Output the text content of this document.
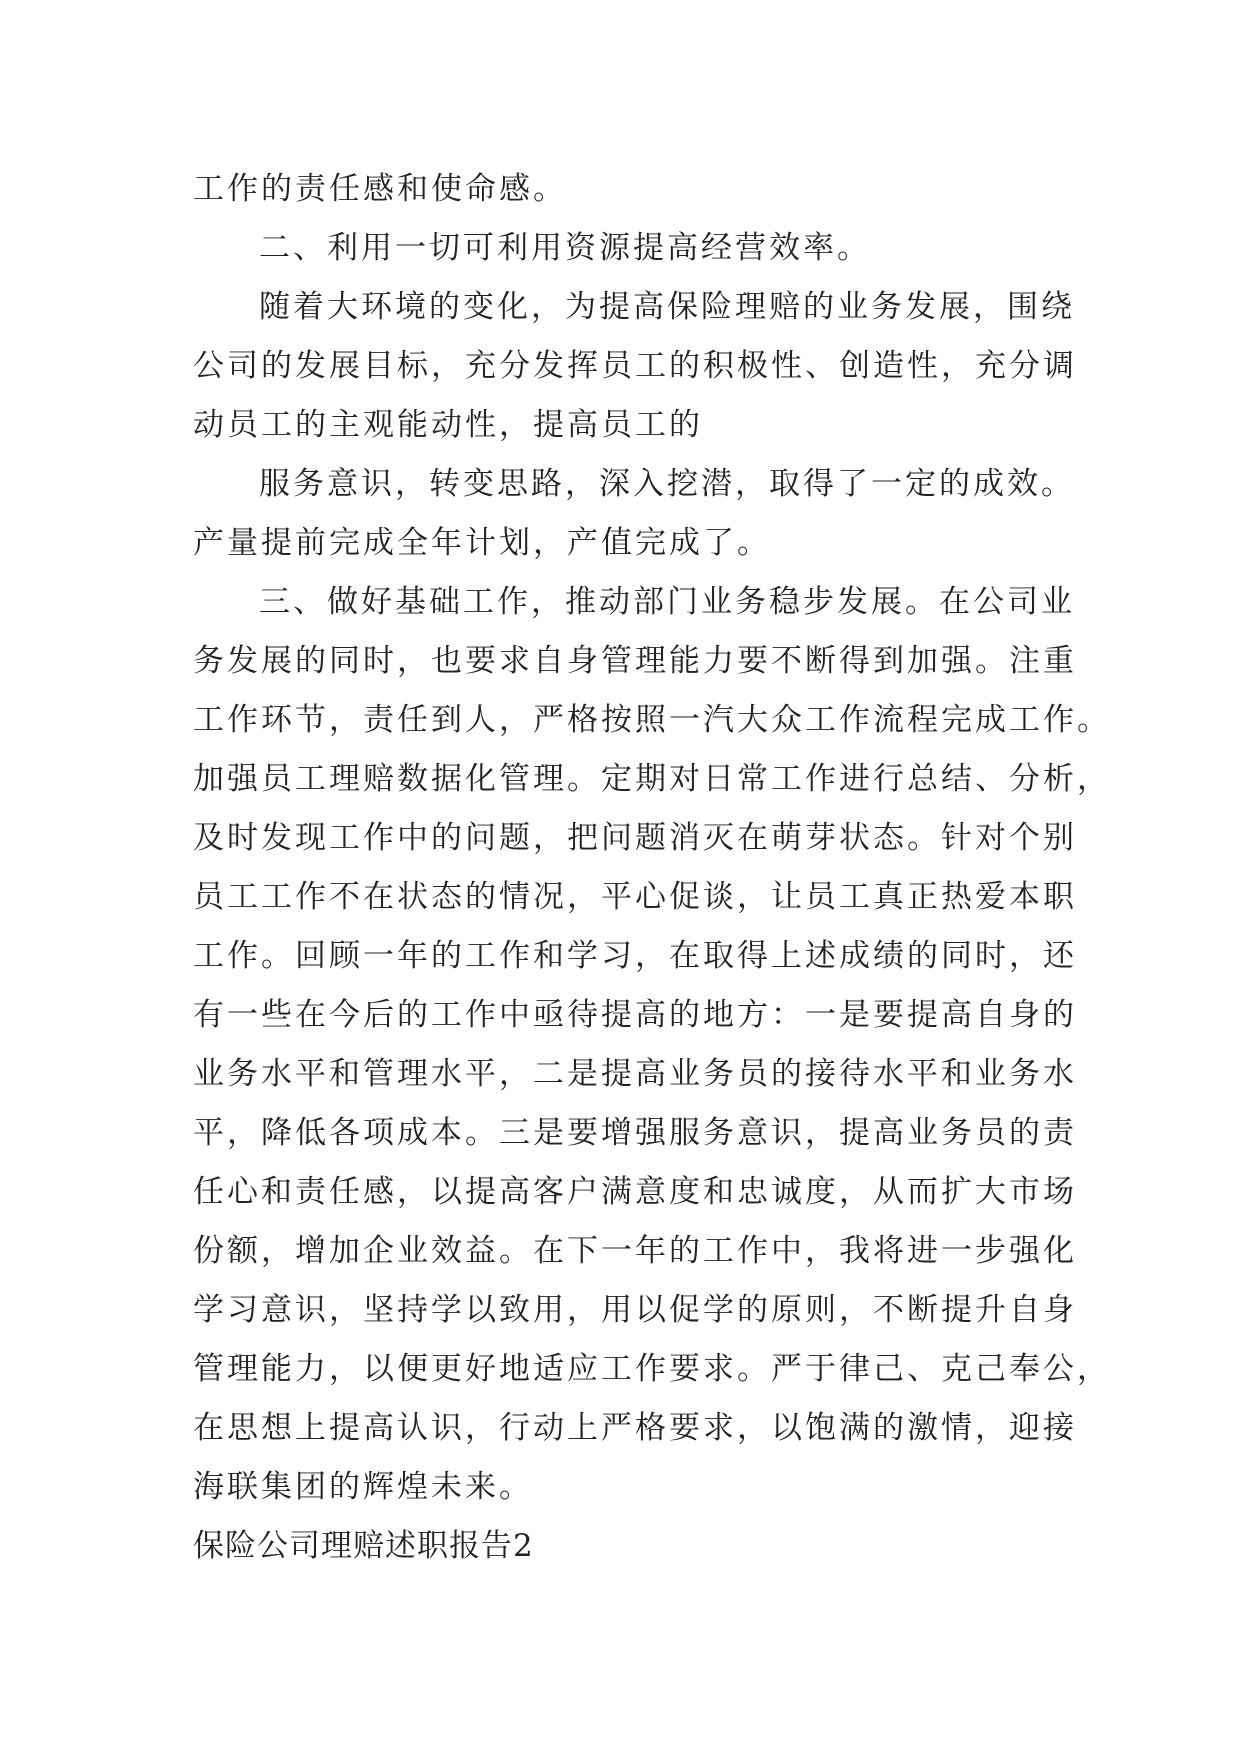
工作的责任感和使命感。
二、利用一切可利用资源提高经营效率。
随着大环境的变化，为提高保险理赔的业务发展，围绕
公司的发展目标，充分发挥员工的积极性、创造性，充分调
动员工的主观能动性，提高员工的
服务意识，转变思路，深入挖潜，取得了一定的成效。
产量提前完成全年计划，产值完成了。
三、做好基础工作，推动部门业务稳步发展。在公司业
务发展的同时，也要求自身管理能力要不断得到加强。注重
工作环节，责任到人，严格按照一汽大众工作流程完成工作。
加强员工理赔数据化管理。定期对日常工作进行总结、分析，
及时发现工作中的问题，把问题消灭在萌芽状态。针对个别
员工工作不在状态的情况，平心促谈，让员工真正热爱本职
工作。回顾一年的工作和学习，在取得上述成绩的同时，还
有一些在今后的工作中亟待提高的地方：一是要提高自身的
业务水平和管理水平，二是提高业务员的接待水平和业务水
平，降低各项成本。三是要增强服务意识，提高业务员的责
任心和责任感，以提高客户满意度和忠诚度，从而扩大市场
份额，增加企业效益。在下一年的工作中，我将进一步强化
学习意识，坚持学以致用，用以促学的原则，不断提升自身
管理能力，以便更好地适应工作要求。严于律己、克己奉公，
在思想上提高认识，行动上严格要求，以饱满的激情，迎接
海联集团的辉煌未来。
保险公司理赔述职报告2
